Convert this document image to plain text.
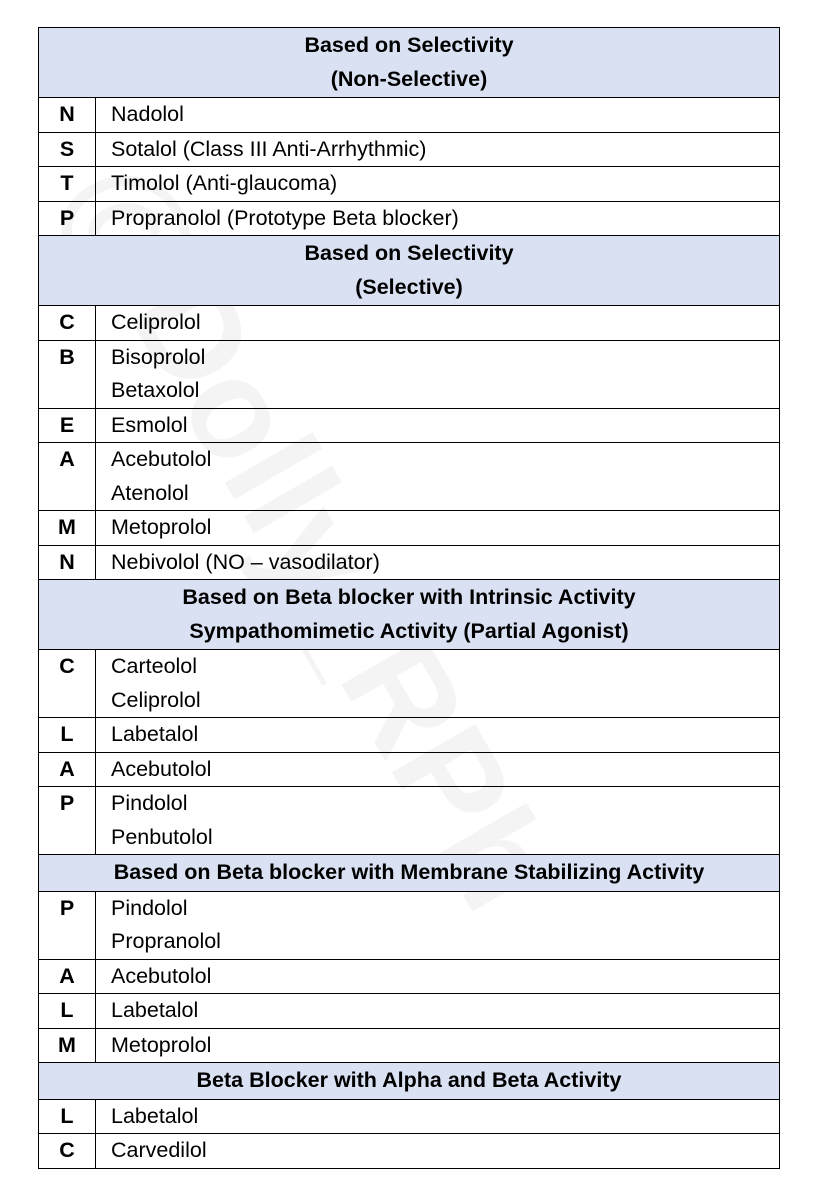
Based on Selectivity
(Non-Selective)	

N	Nadolol

S	Sotalol (Class III Anti-Arrhythmic)

T	Timolol (Anti-glaucoma)

P	Propranolol (Prototype Beta blocker)

Based on Selectivity
(Selective)	

C	Celiprolol

B	Bisoprolol
Betaxolol

E	Esmolol

A	Acebutolol
Atenolol

M	Metoprolol

N	Nebivolol (NO – vasodilator)

Based on Beta blocker with Intrinsic Activity
Sympathomimetic Activity (Partial Agonist)	

C	Carteolol
Celiprolol

L	Labetalol

A	Acebutolol

P	Pindolol
Penbutolol

Based on Beta blocker with Membrane Stabilizing Activity	

P	Pindolol
Propranolol

A	Acebutolol

L	Labetalol

M	Metoprolol

Beta Blocker with Alpha and Beta Activity	

L	Labetalol

C	Carvedilol
